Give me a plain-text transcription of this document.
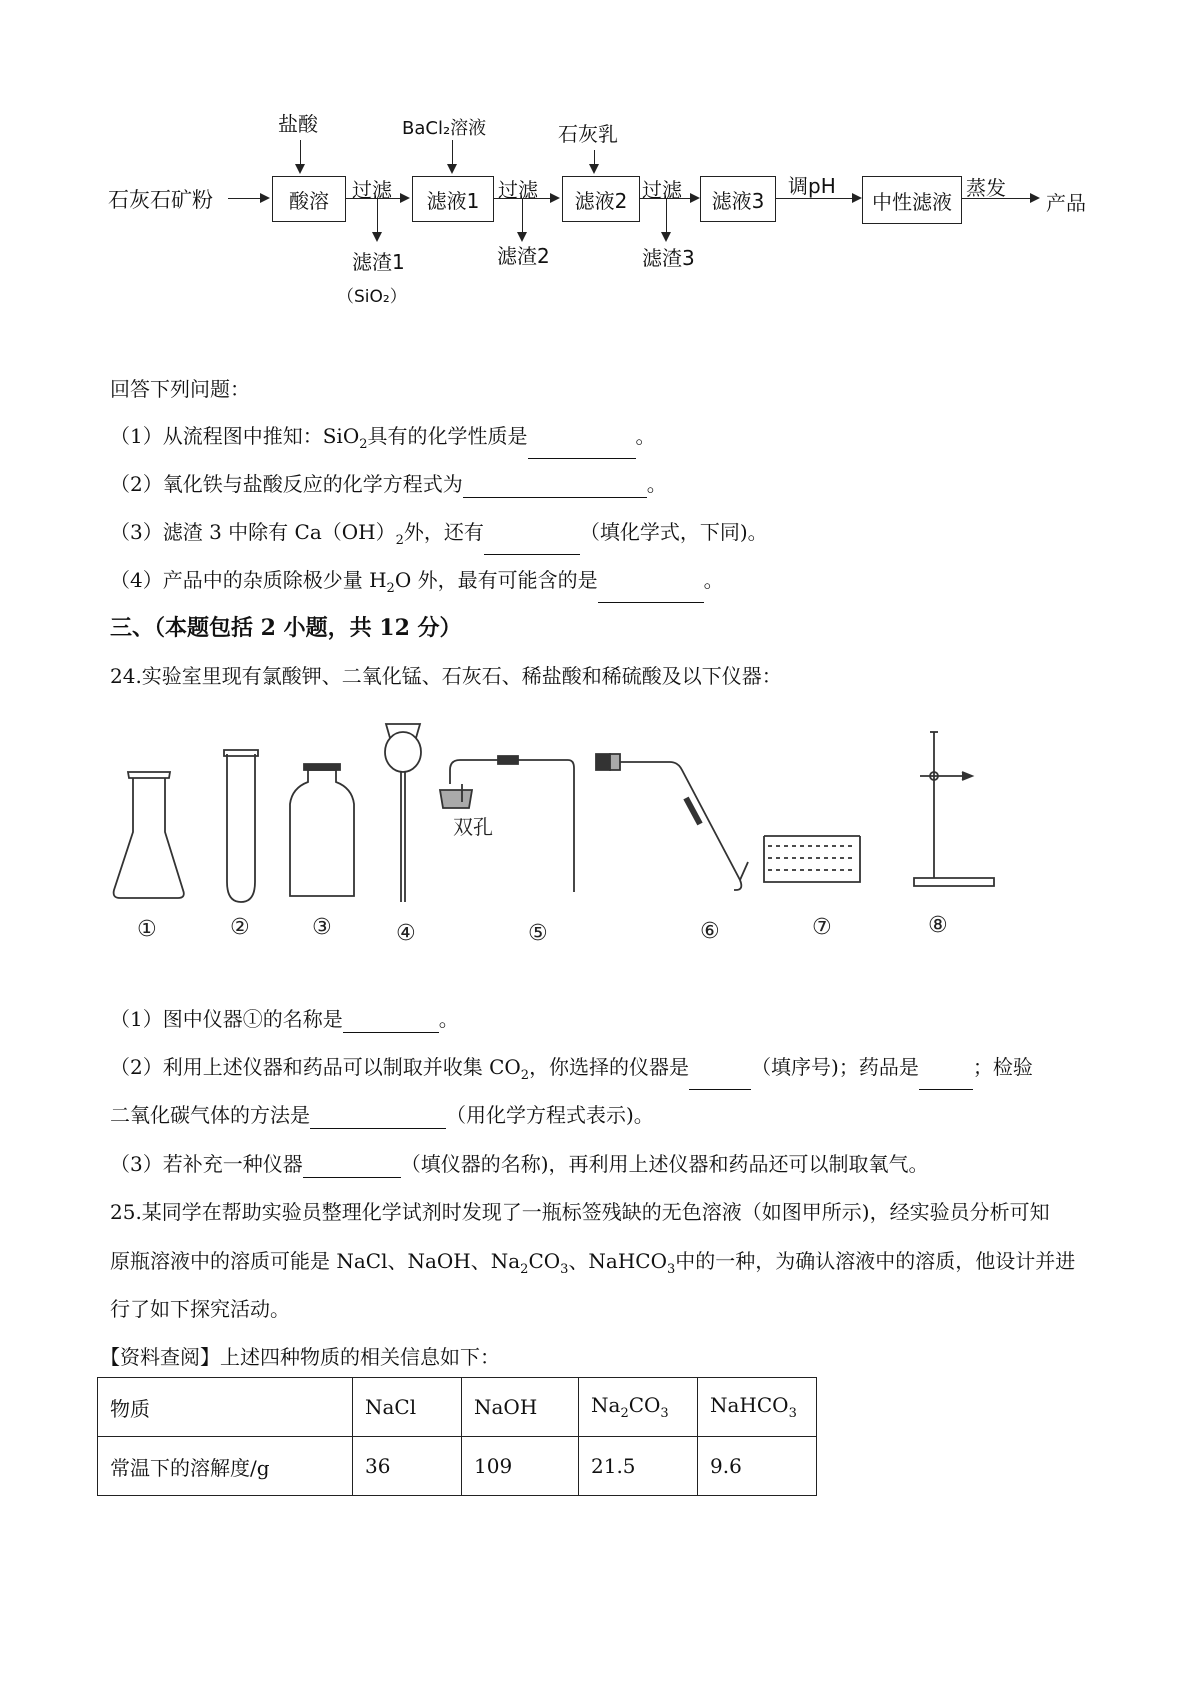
石灰石矿粉
盐酸
酸溶	过滤
滤渣1
（SiO₂）
BaCl₂溶液
滤液1 过滤
滤渣2
石灰乳
滤液2 过滤
滤渣3
滤液3
调pH
中性滤液
蒸发
产品
回答下列问题：
（1）从流程图中推知：SiO$_2$具有的化学性质是	。
（2）氧化铁与盐酸反应的化学方程式为	。
（3）滤渣 3 中除有 $Ca(OH)_2$外，还有	（填化学式，下同)。
（4）产品中的杂质除极少量 $H_2O$ 外，最有可能含的是	。
三、（本题包括 2 小题，共 12 分）
24.实验室里现有氯酸钾、二氧化锰、石灰石、稀盐酸和稀硫酸及以下仪器：
双孔
①	②	③	④	⑤	⑥	⑦	⑧
（1）图中仪器①的名称是	。
（2）利用上述仪器和药品可以制取并收集 $CO_2$，你选择的仪器是	（填序号)；药品是	；检验
二氧化碳气体的方法是	（用化学方程式表示)。
（3）若补充一种仪器	（填仪器的名称)，再利用上述仪器和药品还可以制取氧气。
25.某同学在帮助实验员整理化学试剂时发现了一瓶标签残缺的无色溶液（如图甲所示)，经实验员分析可知
原瓶溶液中的溶质可能是 NaCl、NaOH、$Na_2CO_3$、NaHCO$_3$中的一种，为确认溶液中的溶质，他设计并进
行了如下探究活动。
【资料查阅】上述四种物质的相关信息如下：
物质	NaCl	NaOH	$Na_2CO_3$	NaHCO$_3$
常温下的溶解度/g	36	109	21.5	9.6
